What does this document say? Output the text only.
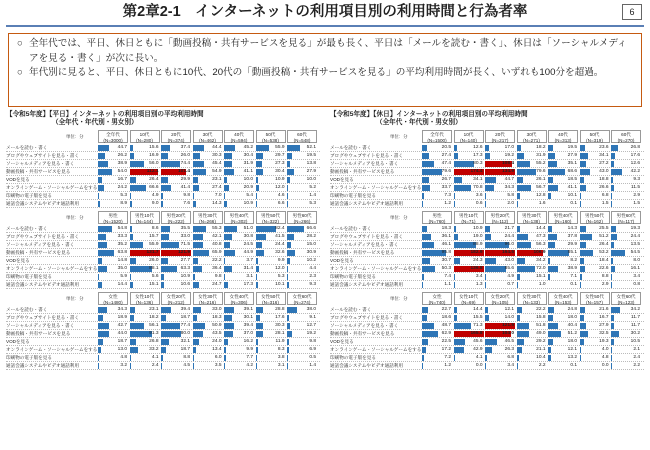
第2章2-1　インターネットの利用項目別の利用時間と行為者率	6
○ 全年代では、平日、休日ともに「動画投稿・共有サービスを見る」が最も長く、平日は「メールを読む・書く」、休日は「ソーシャルメディアを見る・書く」が次に長い。
○ 年代別に見ると、平日、休日ともに10代、20代の「動画投稿・共有サービスを見る」の平均利用時間が長く、いずれも100分を超過。
【令和5年度】【平日】インターネットの利用項目別の平均利用時間
（全年代・年代別・男女別）
単位：分	全年代
(N=3000)
10代
(N=280)
20代
(N=374)
30代
(N=462)
40代
(N=594)
50代
(N=538)
60代
(N=548)
メールを読む・書く	44.7	15.6	37.4	44.4	45.2	55.9	52.1
ブログやウェブサイトを見る・書く	26.2	16.9	26.0	30.3	30.4	29.7	19.5
ソーシャルメディアを見る・書く	38.9	56.0	74.4	45.4	31.9	27.3	13.8
動画投稿・共有サービスを見る	54.0	112.1	101.4	54.9	41.1	30.4	27.9
VODを見る	16.7	26.4	29.9	23.1	10.0	10.9	10.0
オンラインゲーム・ソーシャルゲームをする	24.2	66.6	41.4	27.4	20.9	12.0	5.2
印刷物の電子版を見る	5.3	4.9	9.8	7.0	5.4	4.6	1.4
通話会議システムやビデオ通話利用	8.9	9.0	7.6	14.3	10.9	6.6	5.3
単位：分	男性
(N=1520)
男性10代
(N=144)
男性20代
(N=222)
男性30代
(N=266)
男性40代
(N=302)
男性50代
(N=322)
男性60代
(N=266)
メールを読む・書く	54.8	8.6	35.5	55.3	51.0	82.4	66.6
ブログやウェブサイトを見る・書く	33.3	15.7	33.0	42.1	30.8	41.5	28.2
ソーシャルメディアを見る・書く	35.2	55.9	71.5	40.8	24.5	24.4	15.0
動画投稿・共有サービスを見る	63.8	131.7	121.9	65.9	44.9	32.6	30.9
VODを見る	14.8	26.0	27.7	22.2	3.7	9.9	10.2
オンラインゲーム・ソーシャルゲームをする	35.0	88.1	63.3	36.4	31.4	12.0	4.4
印刷物の電子版を見る	5.9	5.6	10.9	9.8	3.1	5.3	2.3
通話会議システムやビデオ通話利用	14.4	15.1	10.6	24.7	17.3	10.1	9.3
単位：分	女性
(N=1480)
女性10代
(N=136)
女性20代
(N=212)
女性30代
(N=216)
女性40代
(N=306)
女性50代
(N=316)
女性60代
(N=274)
メールを読む・書く	34.3	23.1	39.4	33.0	39.1	28.8	38.0
ブログやウェブサイトを見る・書く	18.9	18.2	18.7	18.3	30.1	17.6	9.1
ソーシャルメディアを見る・書く	42.7	56.1	77.4	50.9	39.4	30.3	12.7
動画投稿・共有サービスを見る	44.0	91.3	80.0	43.5	37.0	28.1	19.2
VODを見る	18.7	26.8	32.1	24.0	16.2	11.9	9.8
オンラインゲーム・ソーシャルゲームをする	13.0	33.2	18.7	13.4	9.9	8.3	6.9
印刷物の電子版を見る	4.8	4.1	8.8	6.0	7.7	3.8	0.5
通話会議システムやビデオ通話利用	3.2	2.4	4.5	3.5	4.2	3.1	1.4
【令和5年度】【休日】インターネットの利用項目別の平均利用時間
（全年代・年代別・男女別）
単位：分	全年代
(N=1500)
10代
(N=140)
20代
(N=217)
30代
(N=271)
40代
(N=313)
50代
(N=319)
60代
(N=270)
メールを読む・書く	20.5	12.6	17.0	18.2	19.5	23.6	26.8
ブログやウェブサイトを見る・書く	27.4	17.3	19.2	31.9	27.9	34.1	17.6
ソーシャルメディアを見る・書く	47.4	80.3	108.4	55.2	35.1	27.2	12.6
動画投稿・共有サービスを見る	79.6	174.4	134.9	79.6	68.6	43.0	42.2
VODを見る	26.7	34.1	44.7	26.1	18.5	18.8	9.3
オンラインゲーム・ソーシャルゲームをする	33.7	70.8	34.3	56.7	41.1	26.6	11.5
印刷物の電子版を見る	7.3	3.6	5.8	12.8	10.1	6.8	2.9
通話会議システムやビデオ通話利用	1.2	0.6	2.0	1.6	0.1	1.5	1.5
単位：分	男性
(N=760)
男性10代
(N=71)
男性20代
(N=112)
男性30代
(N=138)
男性40代
(N=160)
男性50代
(N=162)
男性60代
(N=117)
メールを読む・書く	18.3	10.9	21.7	14.4	14.3	25.5	19.3
ブログやウェブサイトを見る・書く	36.1	19.0	24.4	47.3	37.8	51.2	24.4
ソーシャルメディアを見る・書く	46.1	88.9	96.0	56.3	29.9	26.4	13.5
動画投稿・共有サービスを見る	95.8	182.9	164.5	106.9	85.1	53.2	54.5
VODを見る	30.7	24.3	43.0	34.2	8.2	18.4	8.0
オンラインゲーム・ソーシャルゲームをする	50.3	136.8	85.6	72.0	38.9	22.6	16.1
印刷物の電子版を見る	7.4	3.4	4.9	15.1	7.1	8.8	3.4
通話会議システムやビデオ通話利用	1.1	1.3	0.7	1.0	0.1	2.9	0.8
単位：分	女性
(N=740)
女性10代
(N=69)
女性20代
(N=105)
女性30代
(N=133)
女性40代
(N=153)
女性50代
(N=157)
女性60代
(N=123)
メールを読む・書く	22.7	14.4	12.1	22.2	24.8	21.6	34.2
ブログやウェブサイトを見る・書く	18.6	15.5	14.0	15.8	18.0	16.7	11.7
ソーシャルメディアを見る・書く	48.7	71.3	121.5	51.8	40.4	27.9	11.7
動画投稿・共有サービスを見る	62.9	165.8	104.0	49.0	51.2	32.5	30.2
VODを見る	22.5	45.6	46.5	29.2	18.0	19.3	10.5
オンラインゲーム・ソーシャルゲームをする	17.2	42.9	26.3	21.1	12.1	4.0	2.1
印刷物の電子版を見る	7.2	4.1	6.8	10.4	13.2	4.8	2.4
通話会議システムやビデオ通話利用	1.2	0.0	3.4	2.2	0.1	0.0	2.2
